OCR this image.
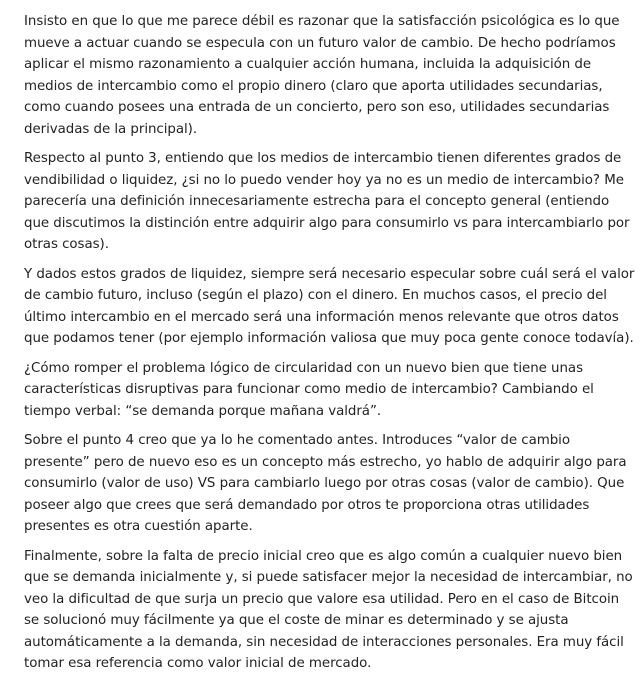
Insisto en que lo que me parece débil es razonar que la satisfacción psicológica es lo que mueve a actuar cuando se especula con un futuro valor de cambio. De hecho podríamos aplicar el mismo razonamiento a cualquier acción humana, incluida la adquisición de medios de intercambio como el propio dinero (claro que aporta utilidades secundarias, como cuando posees una entrada de un concierto, pero son eso, utilidades secundarias derivadas de la principal).

Respecto al punto 3, entiendo que los medios de intercambio tienen diferentes grados de vendibilidad o liquidez, ¿si no lo puedo vender hoy ya no es un medio de intercambio? Me parecería una definición innecesariamente estrecha para el concepto general (entiendo que discutimos la distinción entre adquirir algo para consumirlo vs para intercambiarlo por otras cosas).

Y dados estos grados de liquidez, siempre será necesario especular sobre cuál será el valor de cambio futuro, incluso (según el plazo) con el dinero. En muchos casos, el precio del último intercambio en el mercado será una información menos relevante que otros datos que podamos tener (por ejemplo información valiosa que muy poca gente conoce todavía).

¿Cómo romper el problema lógico de circularidad con un nuevo bien que tiene unas características disruptivas para funcionar como medio de intercambio? Cambiando el tiempo verbal: “se demanda porque mañana valdrá”.

Sobre el punto 4 creo que ya lo he comentado antes. Introduces “valor de cambio presente” pero de nuevo eso es un concepto más estrecho, yo hablo de adquirir algo para consumirlo (valor de uso) VS para cambiarlo luego por otras cosas (valor de cambio). Que poseer algo que crees que será demandado por otros te proporciona otras utilidades presentes es otra cuestión aparte.

Finalmente, sobre la falta de precio inicial creo que es algo común a cualquier nuevo bien que se demanda inicialmente y, si puede satisfacer mejor la necesidad de intercambiar, no veo la dificultad de que surja un precio que valore esa utilidad. Pero en el caso de Bitcoin se solucionó muy fácilmente ya que el coste de minar es determinado y se ajusta automáticamente a la demanda, sin necesidad de interacciones personales. Era muy fácil tomar esa referencia como valor inicial de mercado.
